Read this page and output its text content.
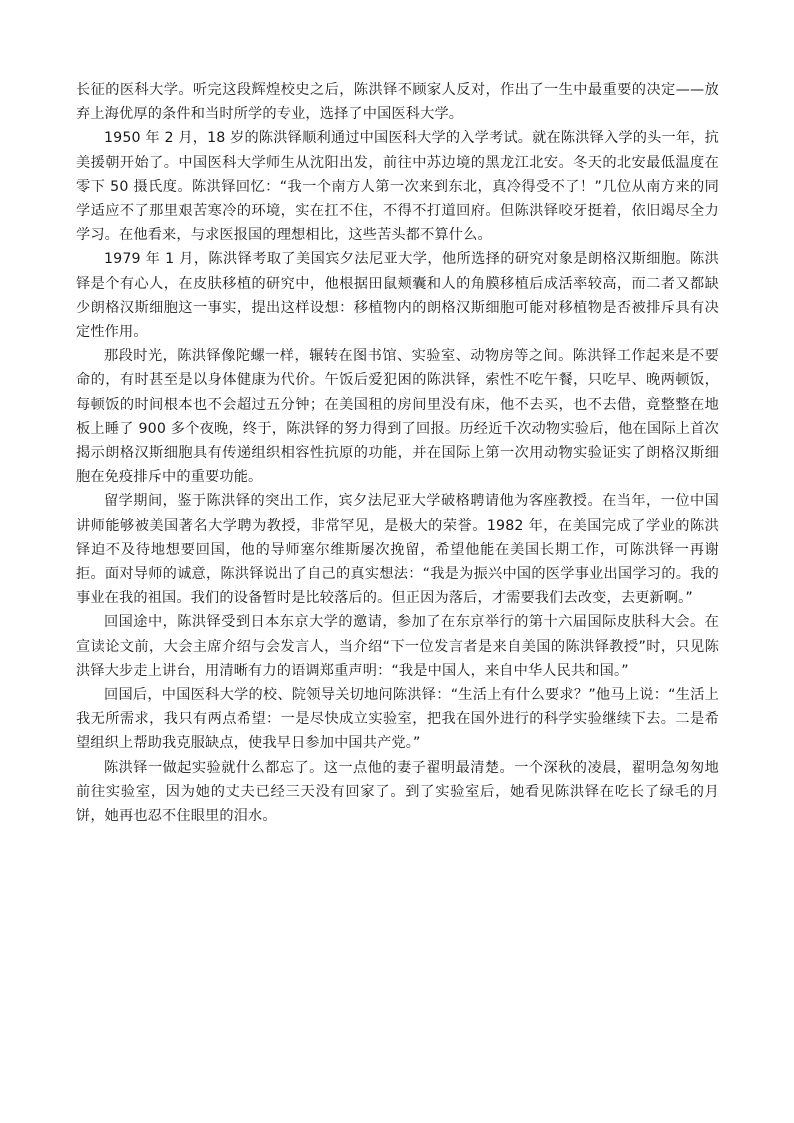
长征的医科大学。听完这段辉煌校史之后，陈洪铎不顾家人反对，作出了一生中最重要的决定——放弃上海优厚的条件和当时所学的专业，选择了中国医科大学。

1950 年 2 月，18 岁的陈洪铎顺利通过中国医科大学的入学考试。就在陈洪铎入学的头一年，抗美援朝开始了。中国医科大学师生从沈阳出发，前往中苏边境的黑龙江北安。冬天的北安最低温度在零下 50 摄氏度。陈洪铎回忆：“我一个南方人第一次来到东北，真冷得受不了！”几位从南方来的同学适应不了那里艰苦寒冷的环境，实在扛不住，不得不打道回府。但陈洪铎咬牙挺着，依旧竭尽全力学习。在他看来，与求医报国的理想相比，这些苦头都不算什么。

1979 年 1 月，陈洪铎考取了美国宾夕法尼亚大学，他所选择的研究对象是朗格汉斯细胞。陈洪铎是个有心人，在皮肤移植的研究中，他根据田鼠颊囊和人的角膜移植后成活率较高，而二者又都缺少朗格汉斯细胞这一事实，提出这样设想：移植物内的朗格汉斯细胞可能对移植物是否被排斥具有决定性作用。

那段时光，陈洪铎像陀螺一样，辗转在图书馆、实验室、动物房等之间。陈洪铎工作起来是不要命的，有时甚至是以身体健康为代价。午饭后爱犯困的陈洪铎，索性不吃午餐，只吃早、晚两顿饭，每顿饭的时间根本也不会超过五分钟；在美国租的房间里没有床，他不去买，也不去借，竟整整在地板上睡了 900 多个夜晚，终于，陈洪铎的努力得到了回报。历经近千次动物实验后，他在国际上首次揭示朗格汉斯细胞具有传递组织相容性抗原的功能，并在国际上第一次用动物实验证实了朗格汉斯细胞在免疫排斥中的重要功能。

留学期间，鉴于陈洪铎的突出工作，宾夕法尼亚大学破格聘请他为客座教授。在当年，一位中国讲师能够被美国著名大学聘为教授，非常罕见，是极大的荣誉。1982 年，在美国完成了学业的陈洪铎迫不及待地想要回国，他的导师塞尔维斯屡次挽留，希望他能在美国长期工作，可陈洪铎一再谢拒。面对导师的诚意，陈洪铎说出了自己的真实想法：“我是为振兴中国的医学事业出国学习的。我的事业在我的祖国。我们的设备暂时是比较落后的。但正因为落后，才需要我们去改变，去更新啊。”

回国途中，陈洪铎受到日本东京大学的邀请，参加了在东京举行的第十六届国际皮肤科大会。在宣读论文前，大会主席介绍与会发言人，当介绍“下一位发言者是来自美国的陈洪铎教授”时，只见陈洪铎大步走上讲台，用清晰有力的语调郑重声明：“我是中国人，来自中华人民共和国。”

回国后，中国医科大学的校、院领导关切地问陈洪铎：“生活上有什么要求？”他马上说：“生活上我无所需求，我只有两点希望：一是尽快成立实验室，把我在国外进行的科学实验继续下去。二是希望组织上帮助我克服缺点，使我早日参加中国共产党。”

陈洪铎一做起实验就什么都忘了。这一点他的妻子翟明最清楚。一个深秋的凌晨，翟明急匆匆地前往实验室，因为她的丈夫已经三天没有回家了。到了实验室后，她看见陈洪铎在吃长了绿毛的月饼，她再也忍不住眼里的泪水。
